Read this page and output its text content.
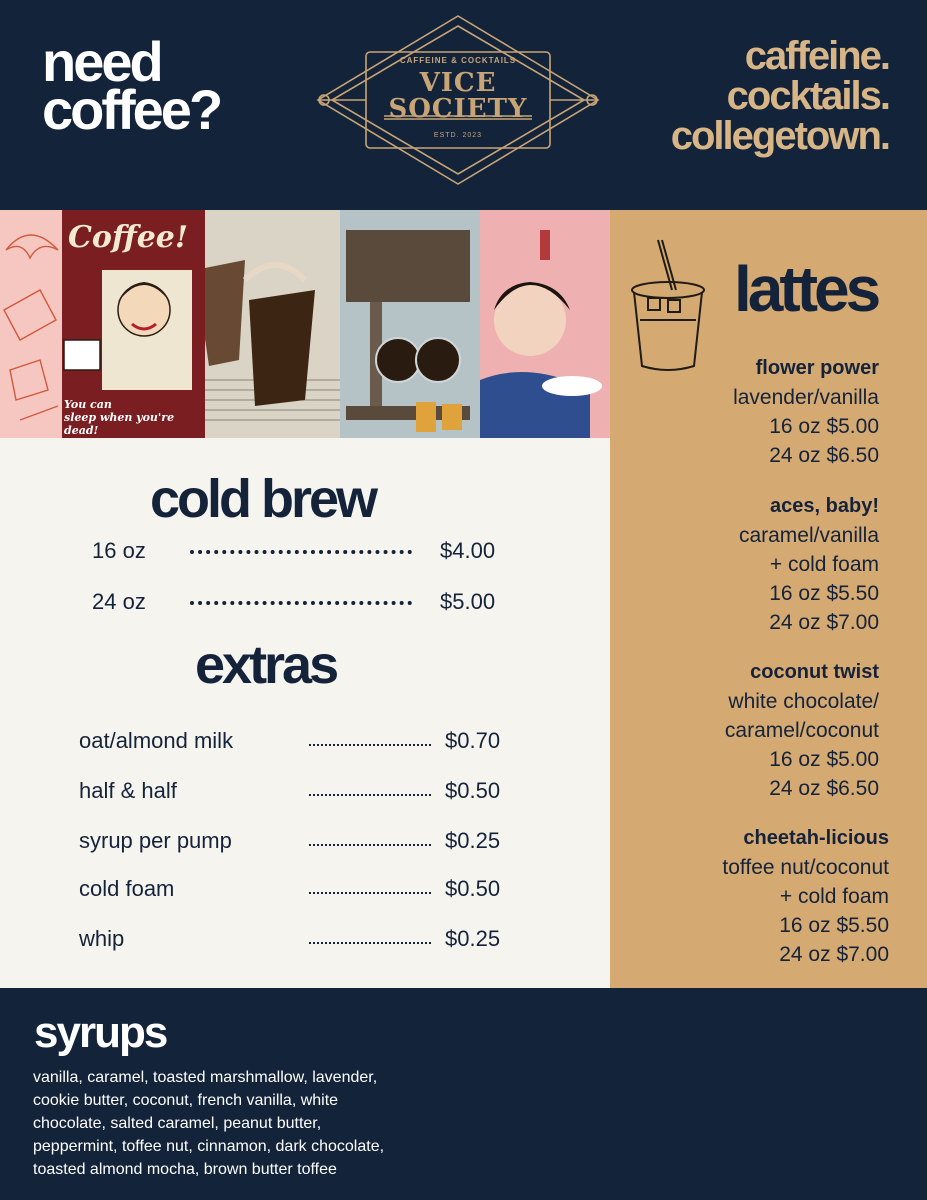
need
coffee?
CAFFEINE & COCKTAILS
VICE
SOCIETY
ESTD. 2023
caffeine.
cocktails.
collegetown.
Coffee!
You can
sleep when you're dead!
lattes
flower power
lavender/vanilla
16 oz $5.00
24 oz $6.50
aces, baby!
caramel/vanilla
+ cold foam
16 oz $5.50
24 oz $7.00
coconut twist
white chocolate/
caramel/coconut
16 oz $5.00
24 oz $6.50
cheetah-licious
toffee nut/coconut
+ cold foam
16 oz $5.50
24 oz $7.00
cold brew
16 oz	$4.00
24 oz	$5.00
extras
oat/almond milk	$0.70
half & half	$0.50
syrup per pump	$0.25
cold foam	$0.50
whip	$0.25
syrups
vanilla, caramel, toasted marshmallow, lavender,
cookie butter, coconut, french vanilla, white
chocolate, salted caramel, peanut butter,
peppermint, toffee nut, cinnamon, dark chocolate,
toasted almond mocha, brown butter toffee
